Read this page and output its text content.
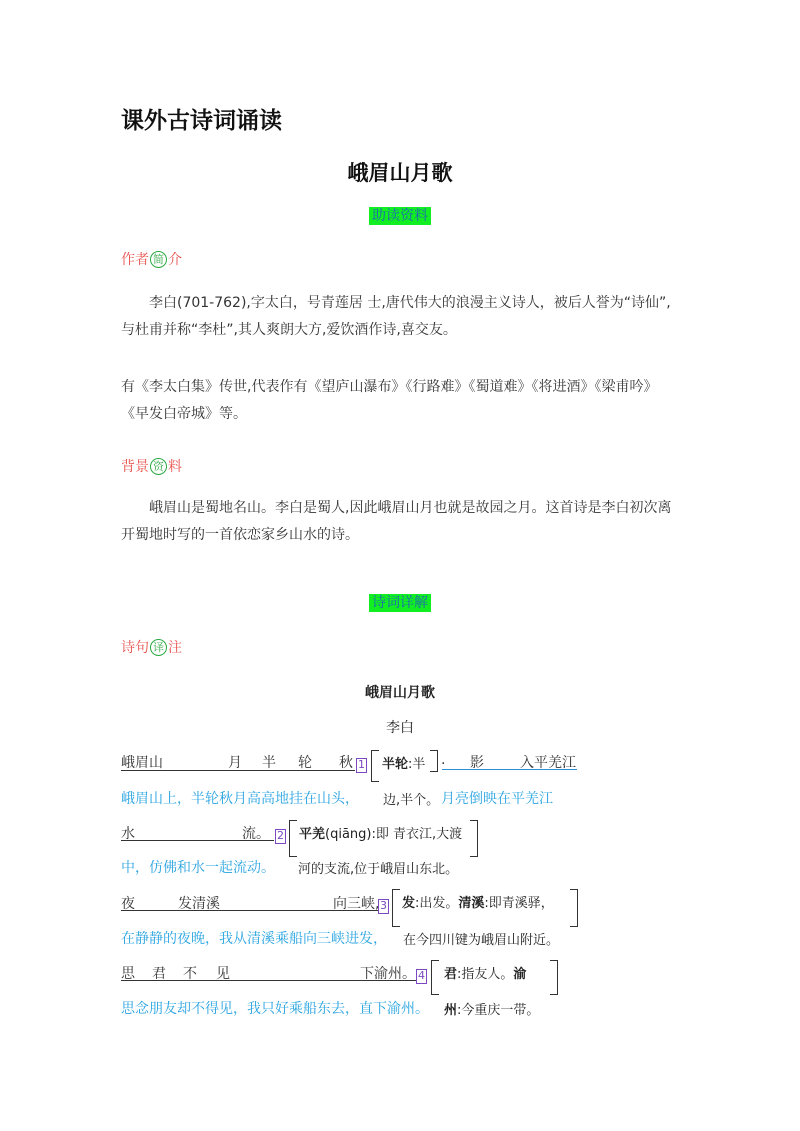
课外古诗词诵读
峨眉山月歌
助读资料
作者 简 介
李白(701-762),字太白，号青莲居 士,唐代伟大的浪漫主义诗人，被后人誉为“诗仙”,
与杜甫并称“李杜”,其人爽朗大方,爱饮酒作诗,喜交友。
有《李太白集》传世,代表作有《望庐山瀑布》《行路难》《蜀道难》《将进酒》《梁甫吟》
《早发白帝城》等。
背景 资 料
峨眉山是蜀地名山。李白是蜀人,因此峨眉山月也就是故园之月。这首诗是李白初次离
开蜀地时写的一首依恋家乡山水的诗。
诗词详解
诗句 译 注
峨眉山月歌
李白
峨眉山	月 半 轮 秋 1 半轮:半 . 影	入平羌江
峨眉山上，半轮秋月高高地挂在山头， 边,半个。 月亮倒映在平羌江
水	流。 2 平羌(qiāng):即 青衣江,大渡
中，仿佛和水一起流动。 河的支流,位于峨眉山东北。
夜	发清溪	向三峡, 3 发:出发。清溪:即青溪驿，
在静静的夜晚，我从清溪乘船向三峡进发， 在今四川键为峨眉山附近。
思 君 不 见	下渝州。 4 君:指友人。渝
思念朋友却不得见，我只好乘船东去，直下渝州。 州:今重庆一带。
